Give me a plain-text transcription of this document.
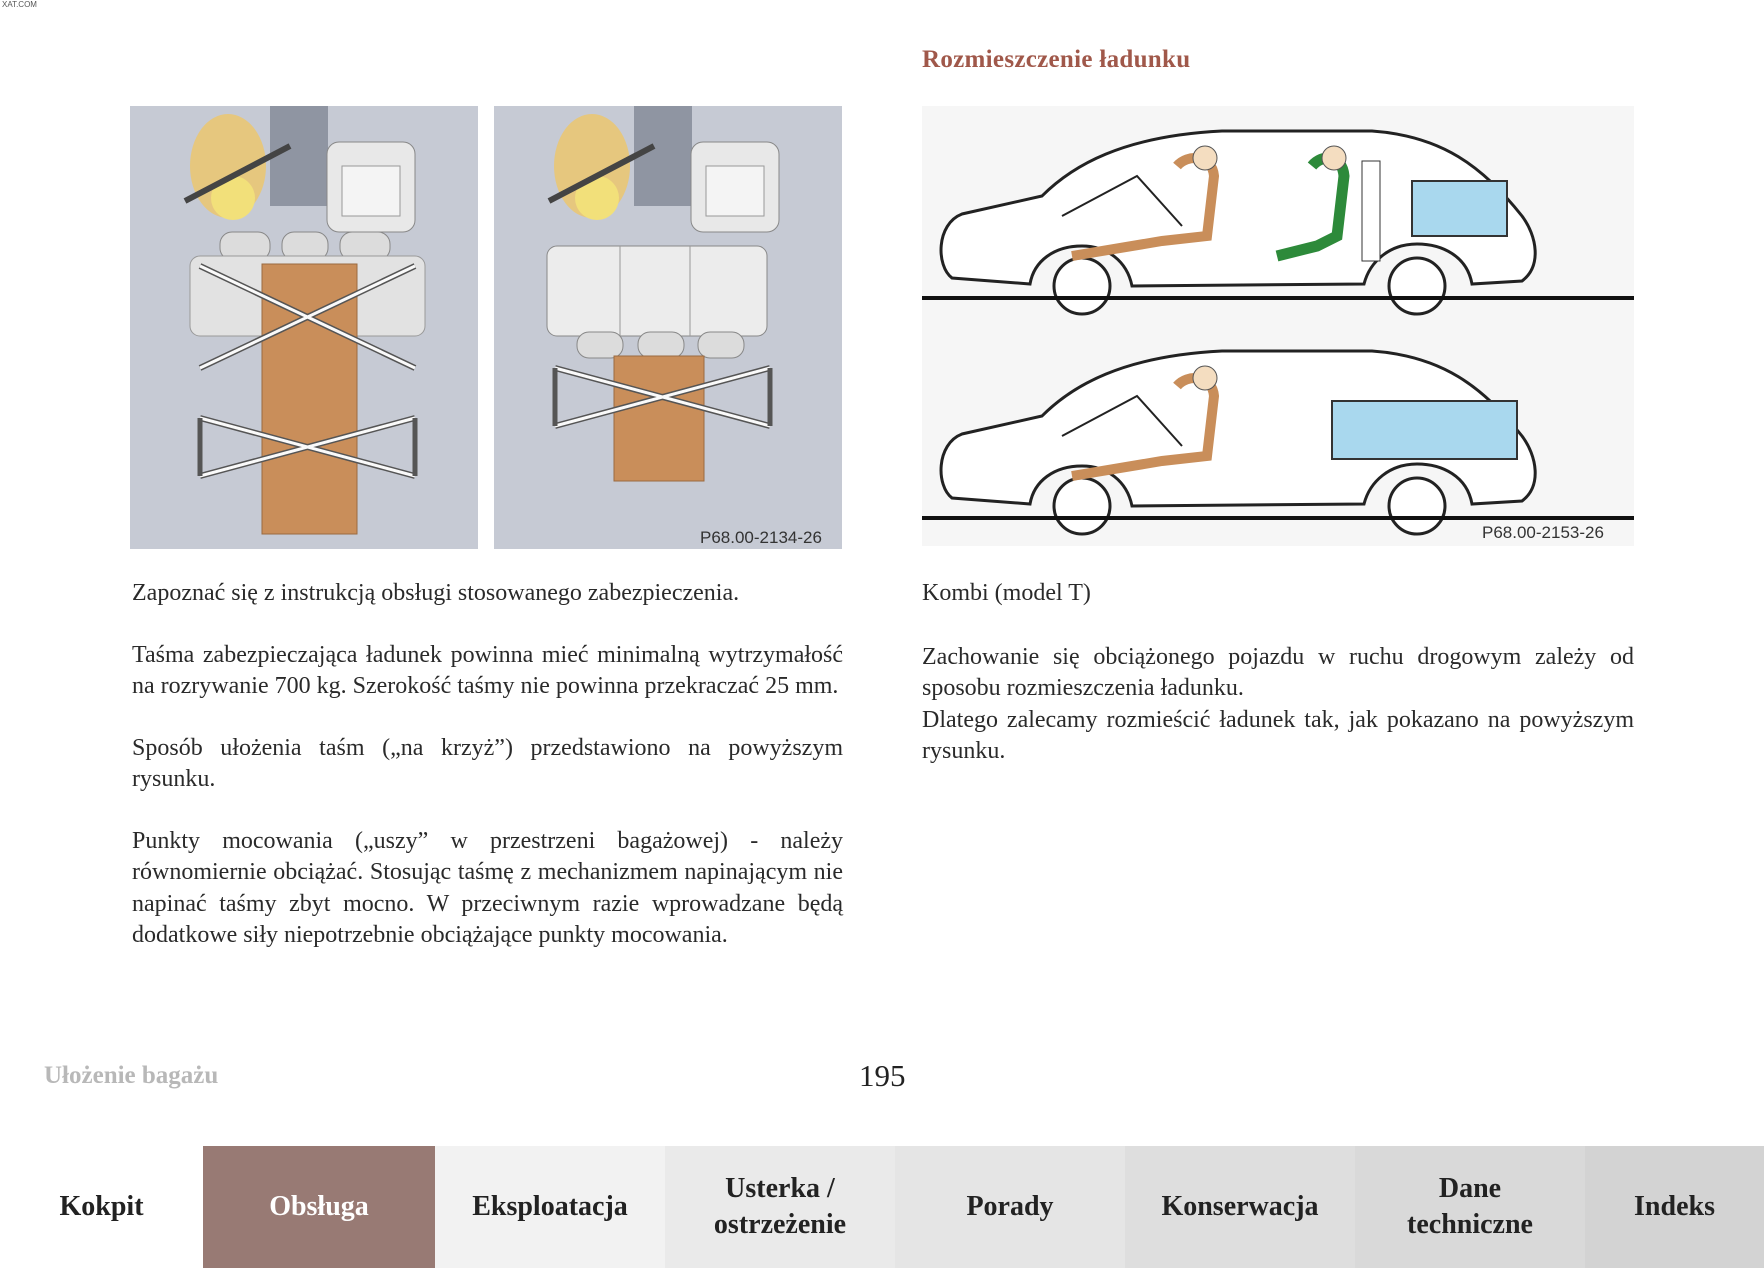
XAT.COM
P68.00-2134-26
Rozmieszczenie ładunku
P68.00-2153-26

Kombi (model T)

Zachowanie się obciążonego pojazdu w ruchu drogowym zależy od sposobu rozmieszczenia ładunku.

Dlatego zalecamy rozmieścić ładunek tak, jak pokazano na powyższym rysunku.

Zapoznać się z instrukcją obsługi stosowanego zabezpieczenia.

Taśma zabezpieczająca ładunek powinna mieć minimalną wytrzymałość na rozrywanie 700 kg. Szerokość taśmy nie powinna przekraczać 25 mm.

Sposób ułożenia taśm („na krzyż”) przedstawiono na powyższym rysunku.

Punkty mocowania („uszy” w przestrzeni bagażowej) - należy równomiernie obciążać. Stosując taśmę z mechanizmem napinającym nie napinać taśmy zbyt mocno. W przeciwnym razie wprowadzane będą dodatkowe siły niepotrzebnie obciążające punkty mocowania.

Ułożenie bagażu	195
Kokpit	Obsługa	Eksploatacja
Usterka /
ostrzeżenie
Porady	Konserwacja
Dane
techniczne
Indeks
